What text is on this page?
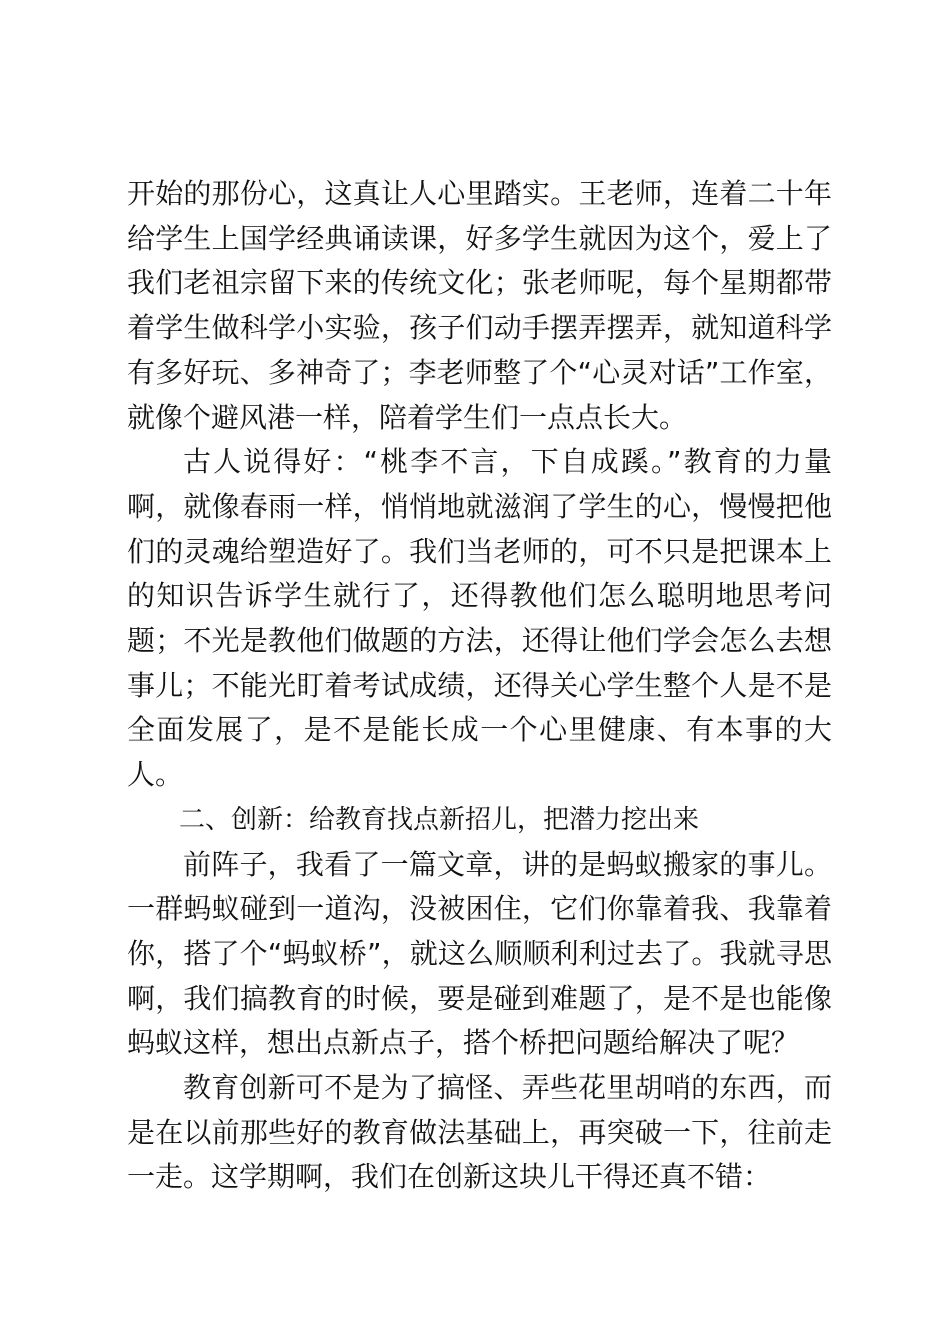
开始的那份心，这真让人心里踏实。王老师，连着二十年给学生上国学经典诵读课，好多学生就因为这个，爱上了我们老祖宗留下来的传统文化；张老师呢，每个星期都带着学生做科学小实验，孩子们动手摆弄摆弄，就知道科学有多好玩、多神奇了；李老师整了个“心灵对话”工作室，就像个避风港一样，陪着学生们一点点长大。

古人说得好：“桃李不言，下自成蹊。”教育的力量啊，就像春雨一样，悄悄地就滋润了学生的心，慢慢把他们的灵魂给塑造好了。我们当老师的，可不只是把课本上的知识告诉学生就行了，还得教他们怎么聪明地思考问题；不光是教他们做题的方法，还得让他们学会怎么去想事儿；不能光盯着考试成绩，还得关心学生整个人是不是全面发展了，是不是能长成一个心里健康、有本事的大人。

二、创新：给教育找点新招儿，把潜力挖出来

前阵子，我看了一篇文章，讲的是蚂蚁搬家的事儿。一群蚂蚁碰到一道沟，没被困住，它们你靠着我、我靠着你，搭了个“蚂蚁桥”，就这么顺顺利利过去了。我就寻思啊，我们搞教育的时候，要是碰到难题了，是不是也能像蚂蚁这样，想出点新点子，搭个桥把问题给解决了呢？

教育创新可不是为了搞怪、弄些花里胡哨的东西，而是在以前那些好的教育做法基础上，再突破一下，往前走一走。这学期啊，我们在创新这块儿干得还真不错：
